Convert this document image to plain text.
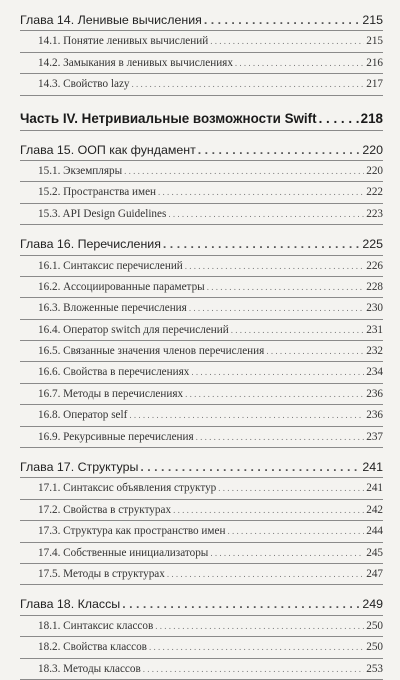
Глава 14. Ленивые вычисления . . .	215
14.1. Понятие ленивых вычислений . . .	215
14.2. Замыкания в ленивых вычислениях . . .	216
14.3. Свойство lazy . . .	217
Часть IV. Нетривиальные возможности Swift . . .	218
Глава 15. ООП как фундамент . . .	220
15.1. Экземпляры . . .	220
15.2. Пространства имен . . .	222
15.3. API Design Guidelines . . .	223
Глава 16. Перечисления . . .	225
16.1. Синтаксис перечислений . . .	226
16.2. Ассоциированные параметры . . .	228
16.3. Вложенные перечисления . . .	230
16.4. Оператор switch для перечислений . . .	231
16.5. Связанные значения членов перечисления . . .	232
16.6. Свойства в перечислениях . . .	234
16.7. Методы в перечислениях . . .	236
16.8. Оператор self . . .	236
16.9. Рекурсивные перечисления . . .	237
Глава 17. Структуры . . .	241
17.1. Синтаксис объявления структур . . .	241
17.2. Свойства в структурах . . .	242
17.3. Структура как пространство имен . . .	244
17.4. Собственные инициализаторы . . .	245
17.5. Методы в структурах . . .	247
Глава 18. Классы . . .	249
18.1. Синтаксис классов . . .	250
18.2. Свойства классов . . .	250
18.3. Методы классов . . .	253
